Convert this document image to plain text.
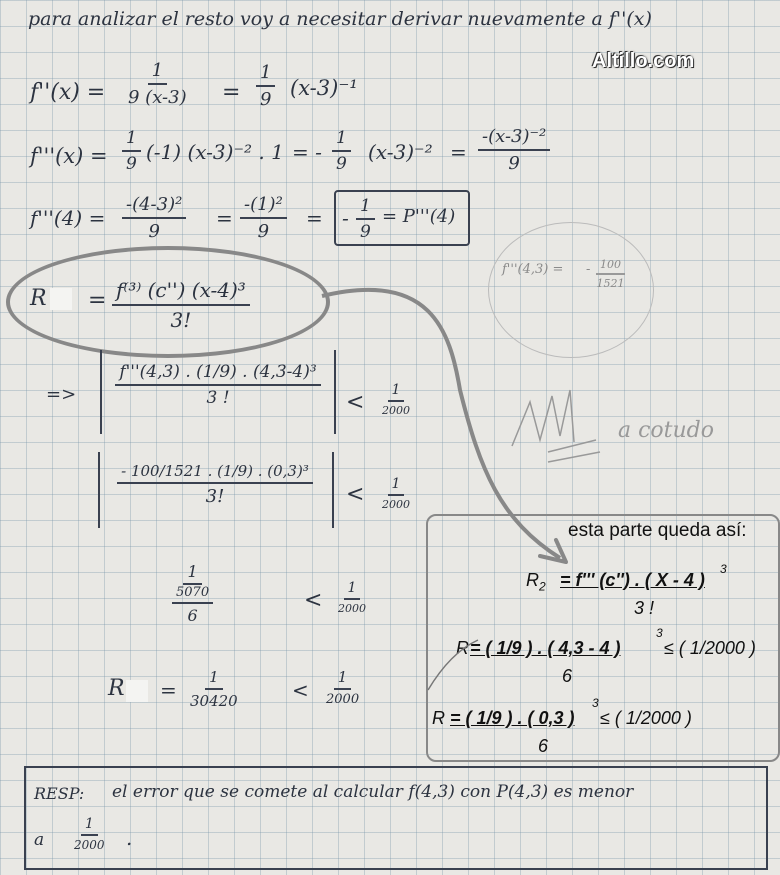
para analizar el resto voy a necesitar derivar nuevamente a f''(x)
Altillo.com
$f''(x) = \frac{1}{9 (x-3)} = \frac{1}{9} (x-3)^{-1}$
$f'''(x) = \frac{1}{9} (-1)$ (x-3)⁻² . 1 = - $\frac{1}{9} (x-3)^{-2} = \frac{\text{-(x-3)⁻²}}{9}$
$f'''(4) = \frac{\text{-(4-3)²}}{9} = \frac{\text{-(1)²}}{9}$ = - $\frac{1}{9} = P'''(4)$
f'''(4,3) = - $\frac{100}{1521}$
$R = \frac{\text{f⁽³⁾ (c'') (x-4)³}}{3!}$
=> $\frac{\text{f'''(4,3) . (1/9) . (4,3-4)³}}{3 !} < 1$
2000
- 100/1521 . (1/9) . (0,3)³
3!	< 1
2000
1
5070
6
< 1
2000
$R = \frac{1}{30420}$	< $\frac{1}{2000}$
a cotudo
esta parte queda así:
$R_2 = f'''$ (c'') . ( X - 4 )
3
3 !
R = ( 1/9 ) . ( 4,3 - 4 )
3
≤ ( 1/2000 )
6
R = ( 1/9 ) . ( 0,3 )
3
≤ ( 1/2000 )
6
RESP: el error que se comete al calcular f(4,3) con P(4,3) es menor
a $\frac{1}{2000}$ .
